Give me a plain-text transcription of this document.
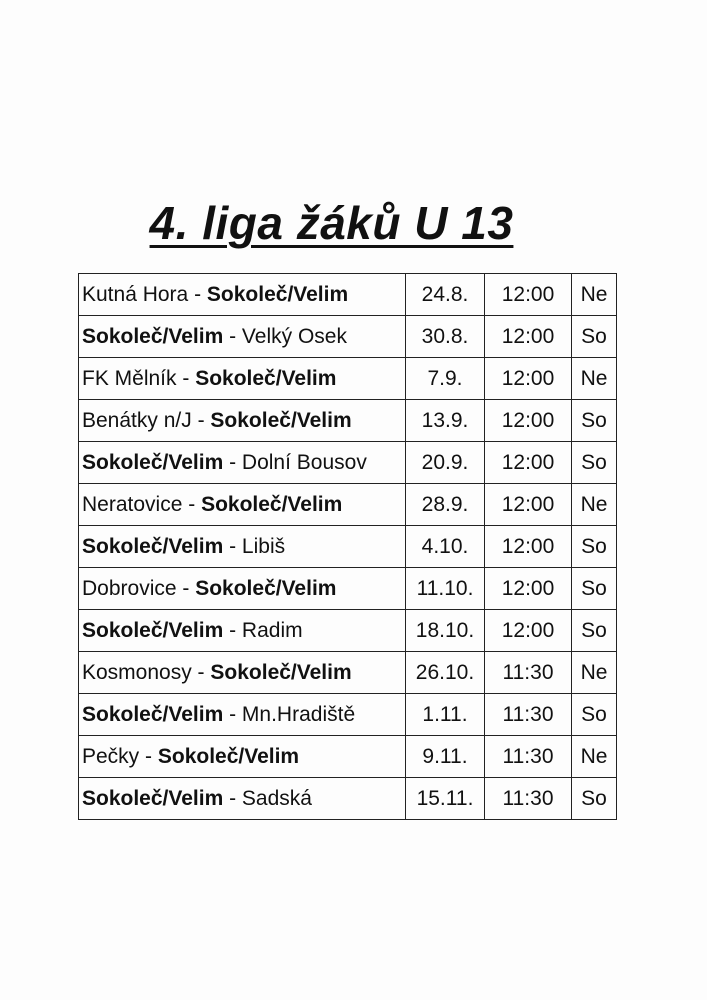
4. liga žáků U 13
Kutná Hora - Sokoleč/Velim	24.8.	12:00	Ne
Sokoleč/Velim - Velký Osek	30.8.	12:00	So
FK Mělník - Sokoleč/Velim	7.9.	12:00	Ne
Benátky n/J - Sokoleč/Velim	13.9.	12:00	So
Sokoleč/Velim - Dolní Bousov	20.9.	12:00	So
Neratovice - Sokoleč/Velim	28.9.	12:00	Ne
Sokoleč/Velim - Libiš	4.10.	12:00	So
Dobrovice - Sokoleč/Velim	11.10.	12:00	So
Sokoleč/Velim - Radim	18.10.	12:00	So
Kosmonosy - Sokoleč/Velim	26.10.	11:30	Ne
Sokoleč/Velim - Mn.Hradiště	1.11.	11:30	So
Pečky - Sokoleč/Velim	9.11.	11:30	Ne
Sokoleč/Velim - Sadská	15.11.	11:30	So
